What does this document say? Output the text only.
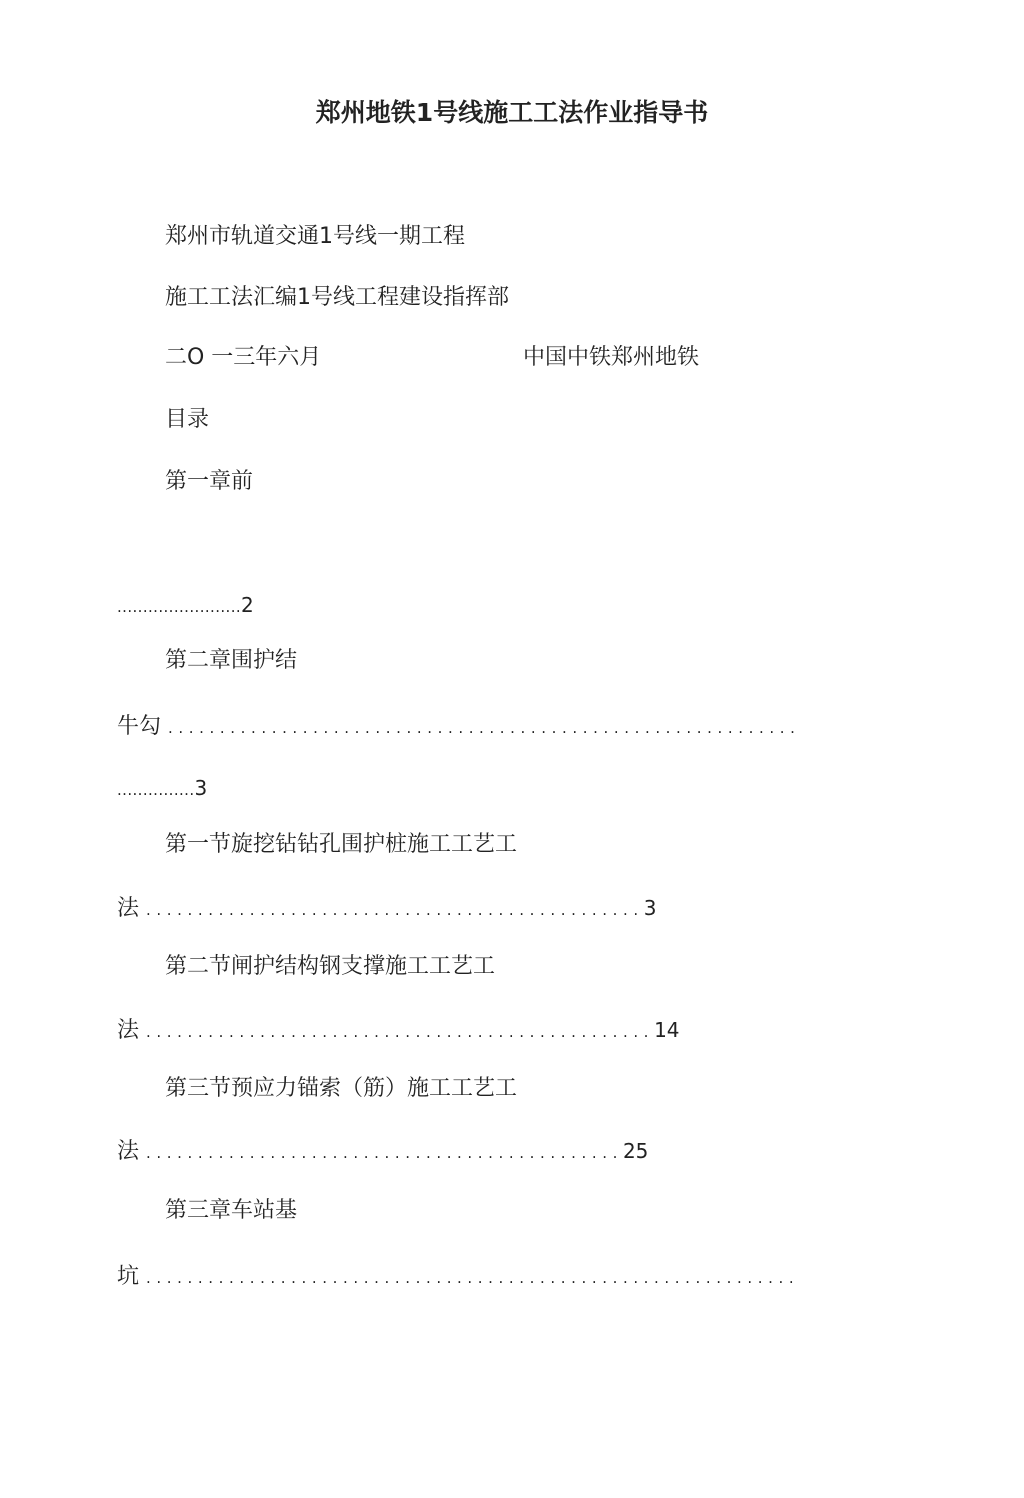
郑州地铁1号线施工工法作业指导书

郑州市轨道交通1号线一期工程

施工工法汇编1号线工程建设指挥部

二O 一三年六月	中国中铁郑州地铁

目录

第一章前

........................2

第二章围护结

牛勾 .............................................................

...............3

第一节旋挖钻钻孔围护桩施工工艺工

法 ................................................3

第二节闸护结构钢支撑施工工艺工

法 .................................................14

第三节预应力锚索（筋）施工工艺工

法 ..............................................25

第三章车站基

坑 ...............................................................
